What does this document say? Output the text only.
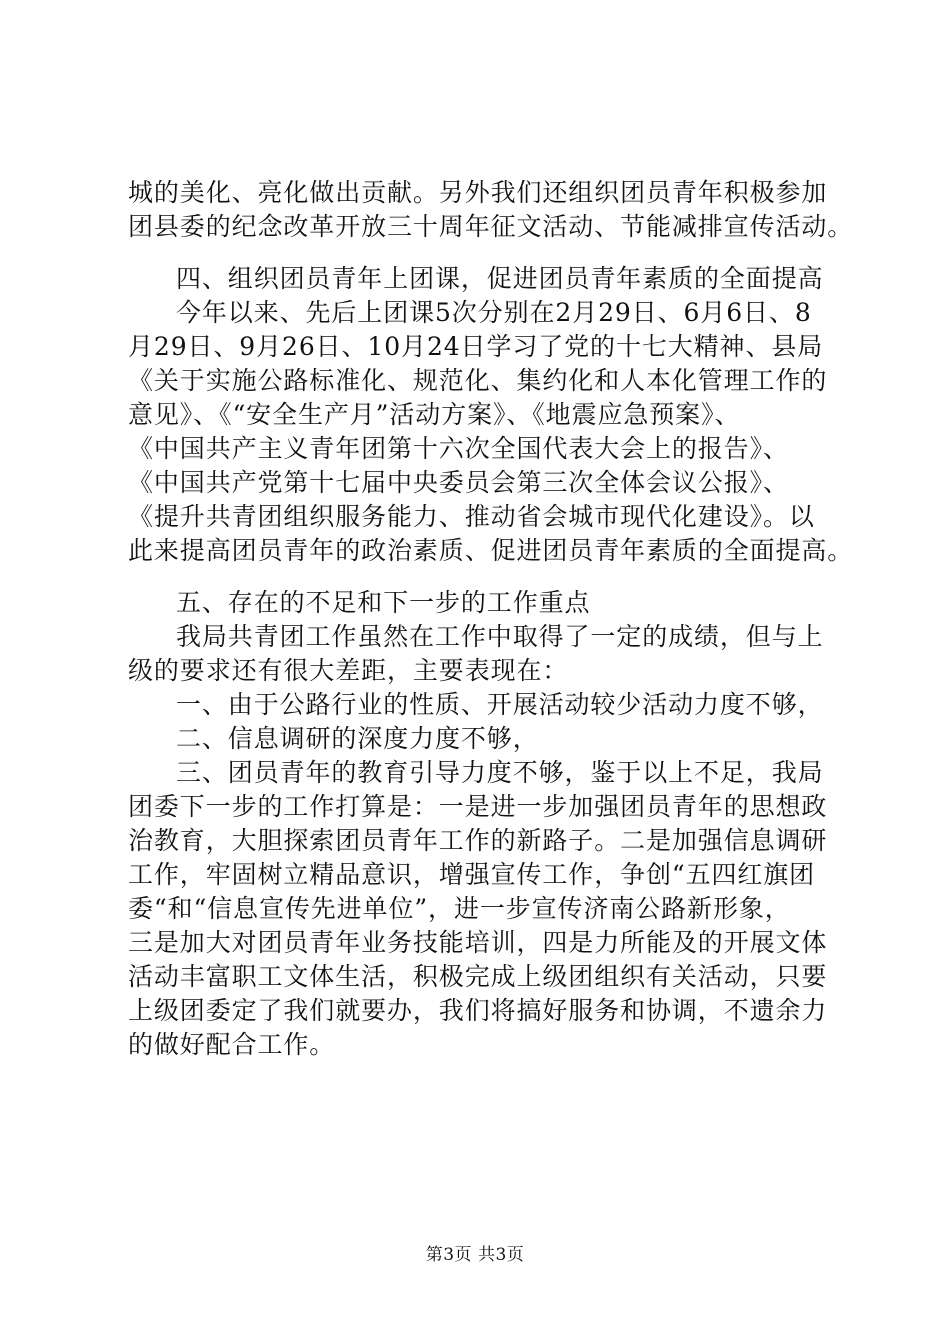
城的美化、亮化做出贡献。另外我们还组织团员青年积极参加
团县委的纪念改革开放三十周年征文活动、节能减排宣传活动。
四、组织团员青年上团课，促进团员青年素质的全面提高
今年以来、先后上团课5次分别在2月29日、6月6日、8
月29日、9月26日、10月24日学习了党的十七大精神、县局
《关于实施公路标准化、规范化、集约化和人本化管理工作的
意见》、《“安全生产月”活动方案》、《地震应急预案》、
《中国共产主义青年团第十六次全国代表大会上的报告》、
《中国共产党第十七届中央委员会第三次全体会议公报》、
《提升共青团组织服务能力、推动省会城市现代化建设》。以
此来提高团员青年的政治素质、促进团员青年素质的全面提高。
五、存在的不足和下一步的工作重点
我局共青团工作虽然在工作中取得了一定的成绩，但与上
级的要求还有很大差距，主要表现在：
一、由于公路行业的性质、开展活动较少活动力度不够，
二、信息调研的深度力度不够，
三、团员青年的教育引导力度不够，鉴于以上不足，我局
团委下一步的工作打算是：一是进一步加强团员青年的思想政
治教育，大胆探索团员青年工作的新路子。二是加强信息调研
工作，牢固树立精品意识，增强宣传工作，争创“五四红旗团
委“和“信息宣传先进单位”，进一步宣传济南公路新形象，
三是加大对团员青年业务技能培训，四是力所能及的开展文体
活动丰富职工文体生活，积极完成上级团组织有关活动，只要
上级团委定了我们就要办，我们将搞好服务和协调，不遗余力
的做好配合工作。
第3页 共3页
